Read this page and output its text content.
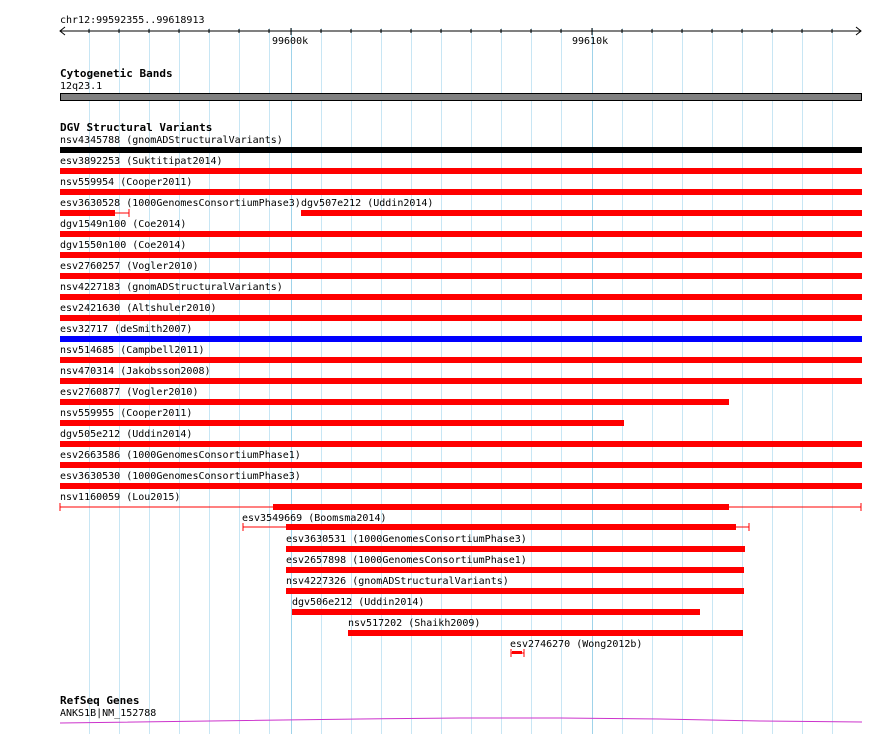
chr12:99592355..99618913
99600k	99610k
Cytogenetic Bands
12q23.1
DGV Structural Variants
nsv4345788 (gnomADStructuralVariants)
esv3892253 (Suktitipat2014)
nsv559954 (Cooper2011)
esv3630528 (1000GenomesConsortiumPhase3) dgv507e212 (Uddin2014)
dgv1549n100 (Coe2014)
dgv1550n100 (Coe2014)
esv2760257 (Vogler2010)
nsv4227183 (gnomADStructuralVariants)
esv2421630 (Altshuler2010)
esv32717 (deSmith2007)
nsv514685 (Campbell2011)
nsv470314 (Jakobsson2008)
esv2760877 (Vogler2010)
nsv559955 (Cooper2011)
dgv505e212 (Uddin2014)
esv2663586 (1000GenomesConsortiumPhase1)
esv3630530 (1000GenomesConsortiumPhase3)
nsv1160059 (Lou2015)
esv3549669 (Boomsma2014)
esv3630531 (1000GenomesConsortiumPhase3)
esv2657898 (1000GenomesConsortiumPhase1)
nsv4227326 (gnomADStructuralVariants)
dgv506e212 (Uddin2014)
nsv517202 (Shaikh2009)
esv2746270 (Wong2012b)
RefSeq Genes
ANKS1B|NM_152788
